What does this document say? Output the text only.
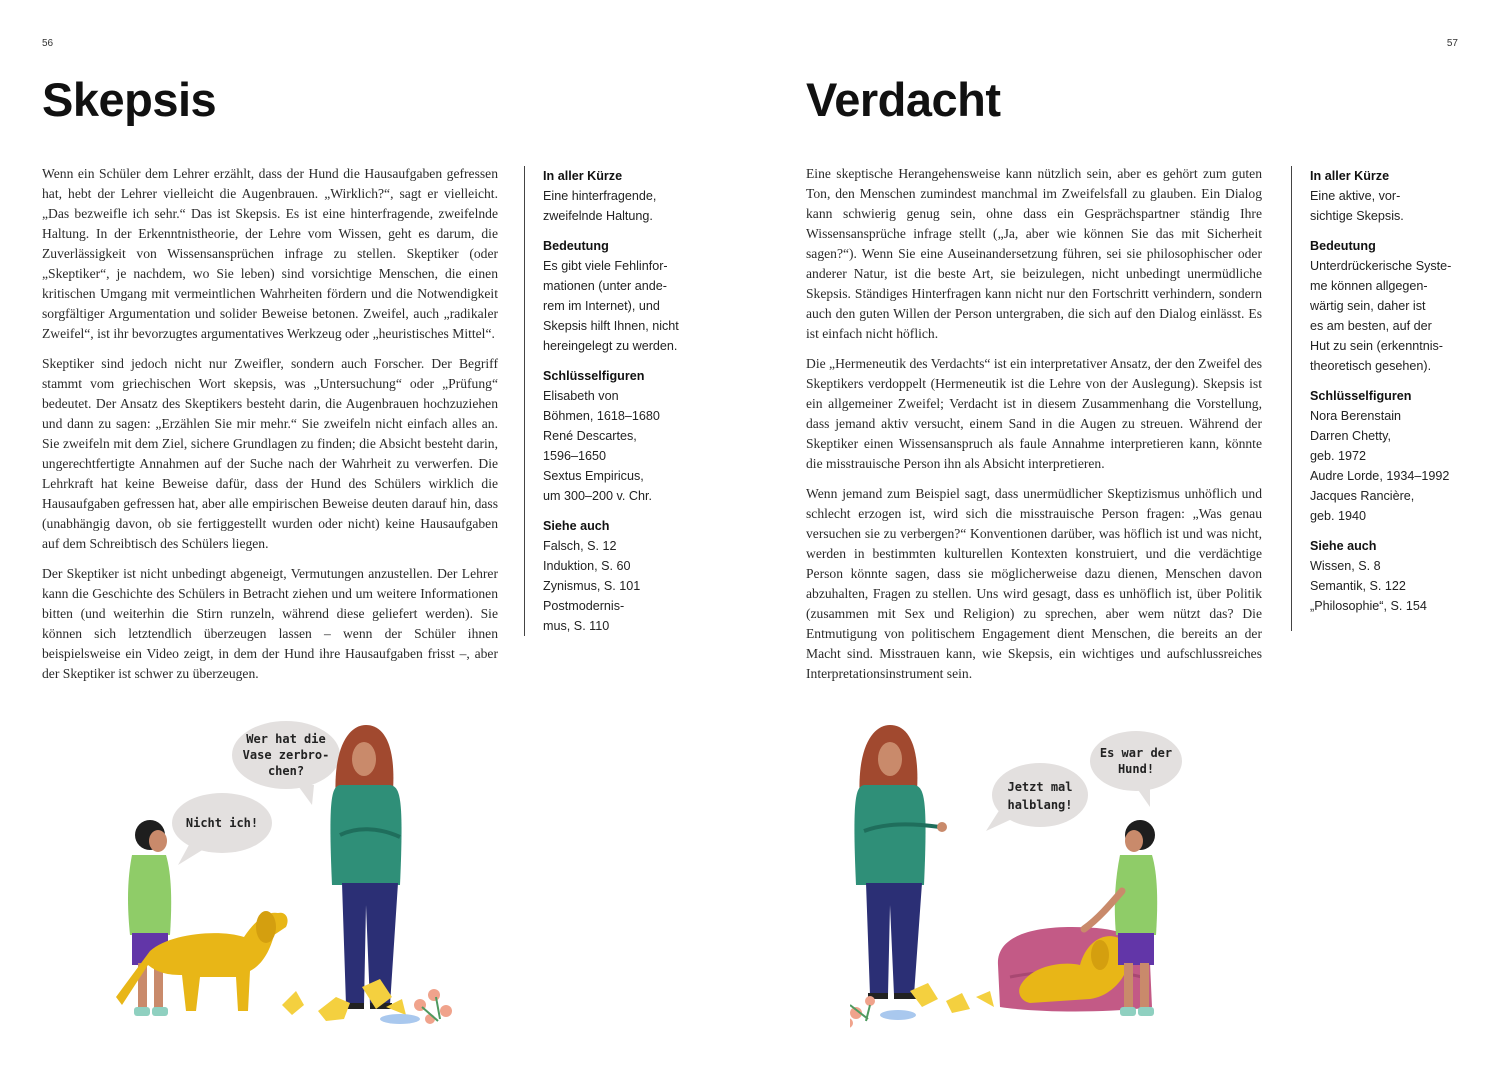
56
Skepsis

Wenn ein Schüler dem Lehrer erzählt, dass der Hund die Hausaufgaben gefressen hat, hebt der Lehrer vielleicht die Augenbrauen. „Wirklich?“, sagt er vielleicht. „Das bezweifle ich sehr.“ Das ist Skepsis. Es ist eine hinterfragende, zweifelnde Haltung. In der Erkenntnistheorie, der Lehre vom Wissen, geht es darum, die Zuverlässigkeit von Wissensansprüchen infrage zu stellen. Skeptiker (oder „Skeptiker“, je nachdem, wo Sie leben) sind vorsichtige Menschen, die einen kritischen Umgang mit vermeintlichen Wahrheiten fördern und die Notwendigkeit sorgfältiger Argumentation und solider Beweise betonen. Zweifel, auch „radikaler Zweifel“, ist ihr bevorzugtes argumentatives Werkzeug oder „heuristisches Mittel“.

Skeptiker sind jedoch nicht nur Zweifler, sondern auch Forscher. Der Begriff stammt vom griechischen Wort skepsis, was „Untersuchung“ oder „Prüfung“ bedeutet. Der Ansatz des Skeptikers besteht darin, die Augenbrauen hochzuziehen und dann zu sagen: „Erzählen Sie mir mehr.“ Sie zweifeln nicht einfach alles an. Sie zweifeln mit dem Ziel, sichere Grundlagen zu finden; die Absicht besteht darin, ungerechtfertigte Annahmen auf der Suche nach der Wahrheit zu verwerfen. Die Lehrkraft hat keine Beweise dafür, dass der Hund des Schülers wirklich die Hausaufgaben gefressen hat, aber alle empirischen Beweise deuten darauf hin, dass (unabhängig davon, ob sie fertiggestellt wurden oder nicht) keine Hausaufgaben auf dem Schreibtisch des Schülers liegen.

Der Skeptiker ist nicht unbedingt abgeneigt, Vermutungen anzustellen. Der Lehrer kann die Geschichte des Schülers in Betracht ziehen und um weitere Informationen bitten (und weiterhin die Stirn runzeln, während diese geliefert werden). Sie können sich letztendlich überzeugen lassen – wenn der Schüler ihnen beispielsweise ein Video zeigt, in dem der Hund ihre Hausaufgaben frisst –, aber der Skeptiker ist schwer zu überzeugen.

In aller Kürze
Eine hinterfragende,
zweifelnde Haltung.
Bedeutung
Es gibt viele Fehlinfor-
mationen (unter ande-
rem im Internet), und
Skepsis hilft Ihnen, nicht
hereingelegt zu werden.
Schlüsselfiguren
Elisabeth von
Böhmen, 1618–1680
René Descartes,
1596–1650
Sextus Empiricus,
um 300–200 v. Chr.
Siehe auch
Falsch, S. 12
Induktion, S. 60
Zynismus, S. 101
Postmodernis-
mus, S. 110
Wer hat die
Vase zerbro-
chen?
Nicht ich!
57
Verdacht

Eine skeptische Herangehensweise kann nützlich sein, aber es gehört zum guten Ton, den Menschen zumindest manchmal im Zweifelsfall zu glauben. Ein Dialog kann schwierig genug sein, ohne dass ein Gesprächspartner ständig Ihre Wissensansprüche infrage stellt („Ja, aber wie können Sie das mit Sicherheit sagen?“). Wenn Sie eine Auseinandersetzung führen, sei sie philosophischer oder anderer Natur, ist die beste Art, sie beizulegen, nicht unbedingt unermüdliche Skepsis. Ständiges Hinterfragen kann nicht nur den Fortschritt verhindern, sondern auch den guten Willen der Person untergraben, die sich auf den Dialog einlässt. Es ist einfach nicht höflich.

Die „Hermeneutik des Verdachts“ ist ein interpretativer Ansatz, der den Zweifel des Skeptikers verdoppelt (Hermeneutik ist die Lehre von der Auslegung). Skepsis ist ein allgemeiner Zweifel; Verdacht ist in diesem Zusammenhang die Vorstellung, dass jemand aktiv versucht, einem Sand in die Augen zu streuen. Während der Skeptiker einen Wissensanspruch als faule Annahme interpretieren kann, könnte die misstrauische Person ihn als Absicht interpretieren.

Wenn jemand zum Beispiel sagt, dass unermüdlicher Skeptizismus unhöflich und schlecht erzogen ist, wird sich die misstrauische Person fragen: „Was genau versuchen sie zu verbergen?“ Konventionen darüber, was höflich ist und was nicht, werden in bestimmten kulturellen Kontexten konstruiert, und die verdächtige Person könnte sagen, dass sie möglicherweise dazu dienen, Menschen davon abzuhalten, Fragen zu stellen. Uns wird gesagt, dass es unhöflich ist, über Politik (zusammen mit Sex und Religion) zu sprechen, aber wem nützt das? Die Entmutigung von politischem Engagement dient Menschen, die bereits an der Macht sind. Misstrauen kann, wie Skepsis, ein wichtiges und aufschlussreiches Interpretationsinstrument sein.

In aller Kürze
Eine aktive, vor-
sichtige Skepsis.
Bedeutung
Unterdrückerische Syste-
me können allgegen-
wärtig sein, daher ist
es am besten, auf der
Hut zu sein (erkenntnis-
theoretisch gesehen).
Schlüsselfiguren
Nora Berenstain
Darren Chetty,
geb. 1972
Audre Lorde, 1934–1992
Jacques Rancière,
geb. 1940
Siehe auch
Wissen, S. 8
Semantik, S. 122
„Philosophie“, S. 154
Jetzt mal
halblang!
Es war der
Hund!
